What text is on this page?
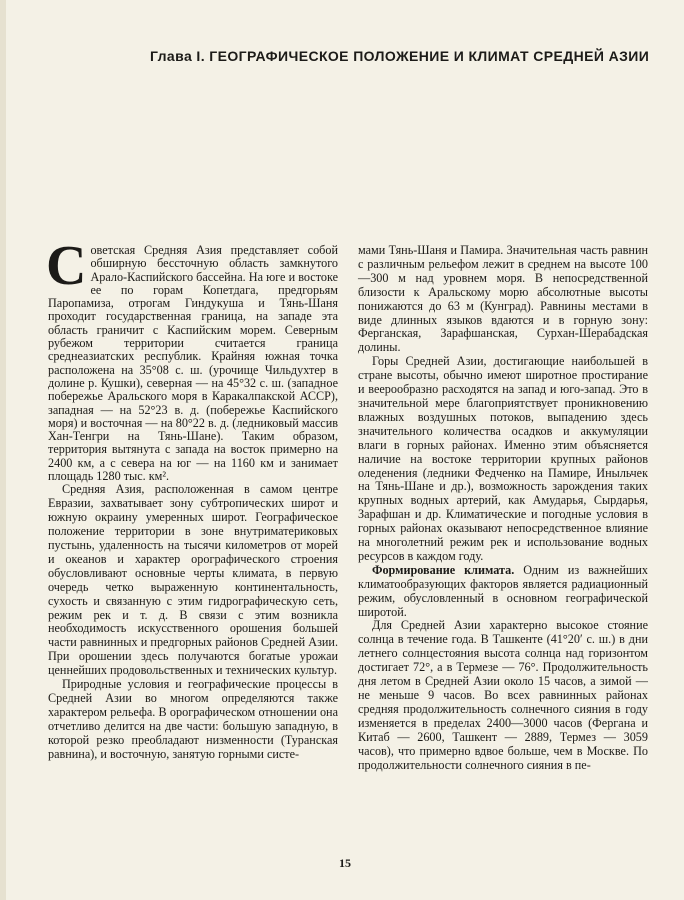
Глава I. ГЕОГРАФИЧЕСКОЕ ПОЛОЖЕНИЕ И КЛИМАТ СРЕДНЕЙ АЗИИ

Советская Средняя Азия представляет собой обширную бессточную область замкнутого Арало-Каспийского бассейна. На юге и востоке ее по горам Копетдага, предгорьям Паропамиза, отрогам Гиндукуша и Тянь-Шаня проходит государственная граница, на западе эта область граничит с Каспийским морем. Северным рубежом территории считается граница среднеазиатских республик. Крайняя южная точка расположена на 35°08 с. ш. (урочище Чильдухтер в долине р. Кушки), северная — на 45°32 с. ш. (западное побережье Аральского моря в Каракалпакской АССР), западная — на 52°23 в. д. (побережье Каспийского моря) и восточная — на 80°22 в. д. (ледниковый массив Хан-Тенгри на Тянь-Шане). Таким образом, территория вытянута с запада на восток примерно на 2400 км, а с севера на юг — на 1160 км и занимает площадь 1280 тыс. км².

Средняя Азия, расположенная в самом центре Евразии, захватывает зону субтропических широт и южную окраину умеренных широт. Географическое положение территории в зоне внутриматериковых пустынь, удаленность на тысячи километров от морей и океанов и характер орографического строения обусловливают основные черты климата, в первую очередь четко выраженную континентальность, сухость и связанную с этим гидрографическую сеть, режим рек и т. д. В связи с этим возникла необходимость искусственного орошения большей части равнинных и предгорных районов Средней Азии. При орошении здесь получаются богатые урожаи ценнейших продовольственных и технических культур.

Природные условия и географические процессы в Средней Азии во многом определяются также характером рельефа. В орографическом отношении она отчетливо делится на две части: большую западную, в которой резко преобладают низменности (Туранская равнина), и восточную, занятую горными систе-

мами Тянь-Шаня и Памира. Значительная часть равнин с различным рельефом лежит в среднем на высоте 100—300 м над уровнем моря. В непосредственной близости к Аральскому морю абсолютные высоты понижаются до 63 м (Кунград). Равнины местами в виде длинных языков вдаются и в горную зону: Ферганская, Зарафшанская, Сурхан-Шерабадская долины.

Горы Средней Азии, достигающие наибольшей в стране высоты, обычно имеют широтное простирание и веерообразно расходятся на запад и юго-запад. Это в значительной мере благоприятствует проникновению влажных воздушных потоков, выпадению здесь значительного количества осадков и аккумуляции влаги в горных районах. Именно этим объясняется наличие на востоке территории крупных районов оледенения (ледники Федченко на Памире, Иныльчек на Тянь-Шане и др.), возможность зарождения таких крупных водных артерий, как Амударья, Сырдарья, Зарафшан и др. Климатические и погодные условия в горных районах оказывают непосредственное влияние на многолетний режим рек и использование водных ресурсов в каждом году.

Формирование климата. Одним из важнейших климатообразующих факторов является радиационный режим, обусловленный в основном географической широтой.

Для Средней Азии характерно высокое стояние солнца в течение года. В Ташкенте (41°20′ с. ш.) в дни летнего солнцестояния высота солнца над горизонтом достигает 72°, а в Термезе — 76°. Продолжительность дня летом в Средней Азии около 15 часов, а зимой — не меньше 9 часов. Во всех равнинных районах средняя продолжительность солнечного сияния в году изменяется в пределах 2400—3000 часов (Фергана и Китаб — 2600, Ташкент — 2889, Термез — 3059 часов), что примерно вдвое больше, чем в Москве. По продолжительности солнечного сияния в пе-

15
